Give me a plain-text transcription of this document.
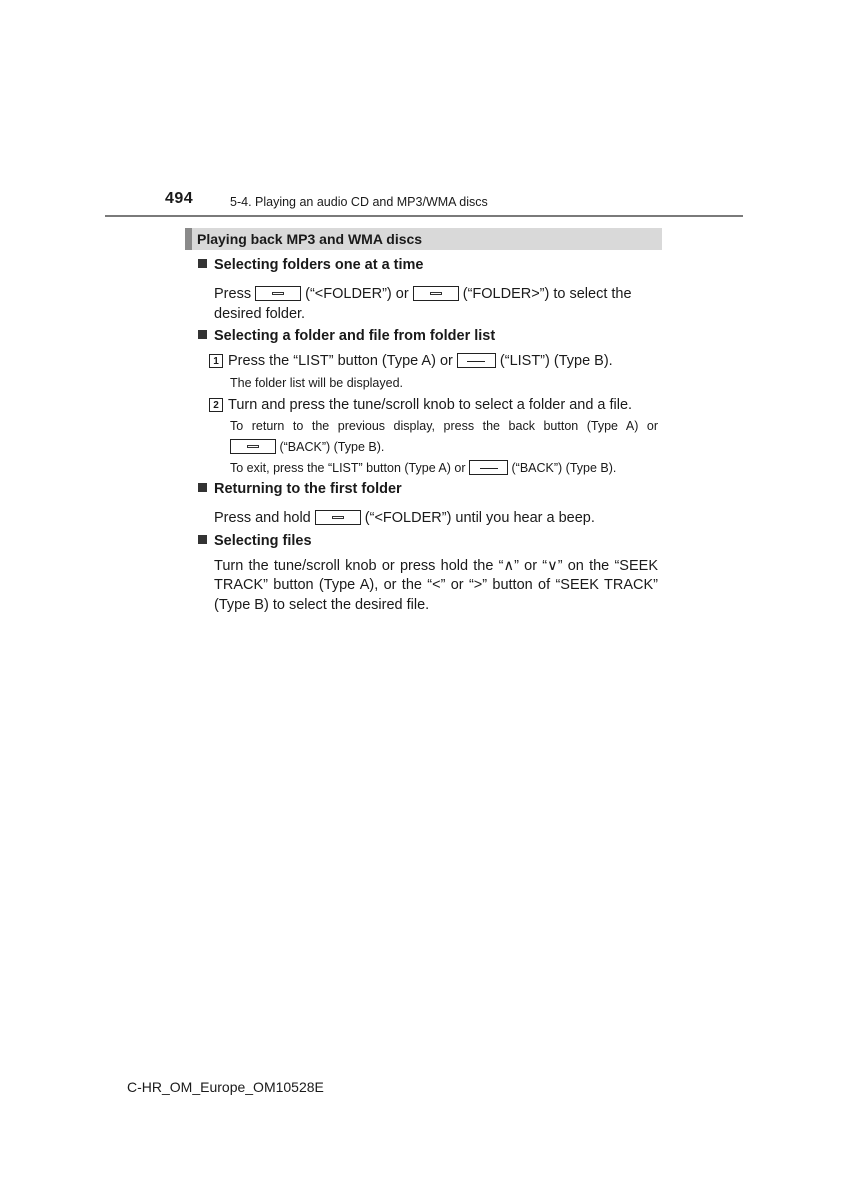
494	5-4. Playing an audio CD and MP3/WMA discs
Playing back MP3 and WMA discs
Selecting folders one at a time
Press	(“<FOLDER”) or	(“FOLDER>”) to select the
desired folder.
Selecting a folder and file from folder list
1 Press the “LIST” button (Type A) or	(“LIST”) (Type B).
The folder list will be displayed.
2 Turn and press the tune/scroll knob to select a folder and a file.
To return to the previous display, press the back button (Type A) or
(“BACK”) (Type B).
To exit, press the “LIST” button (Type A) or	(“BACK”) (Type B).
Returning to the first folder
Press and hold	(“<FOLDER”) until you hear a beep.
Selecting files
Turn the tune/scroll knob or press hold the “∧” or “∨” on the “SEEK
TRACK” button (Type A), or the “<” or “>” button of “SEEK TRACK”
(Type B) to select the desired file.
C-HR_OM_Europe_OM10528E
